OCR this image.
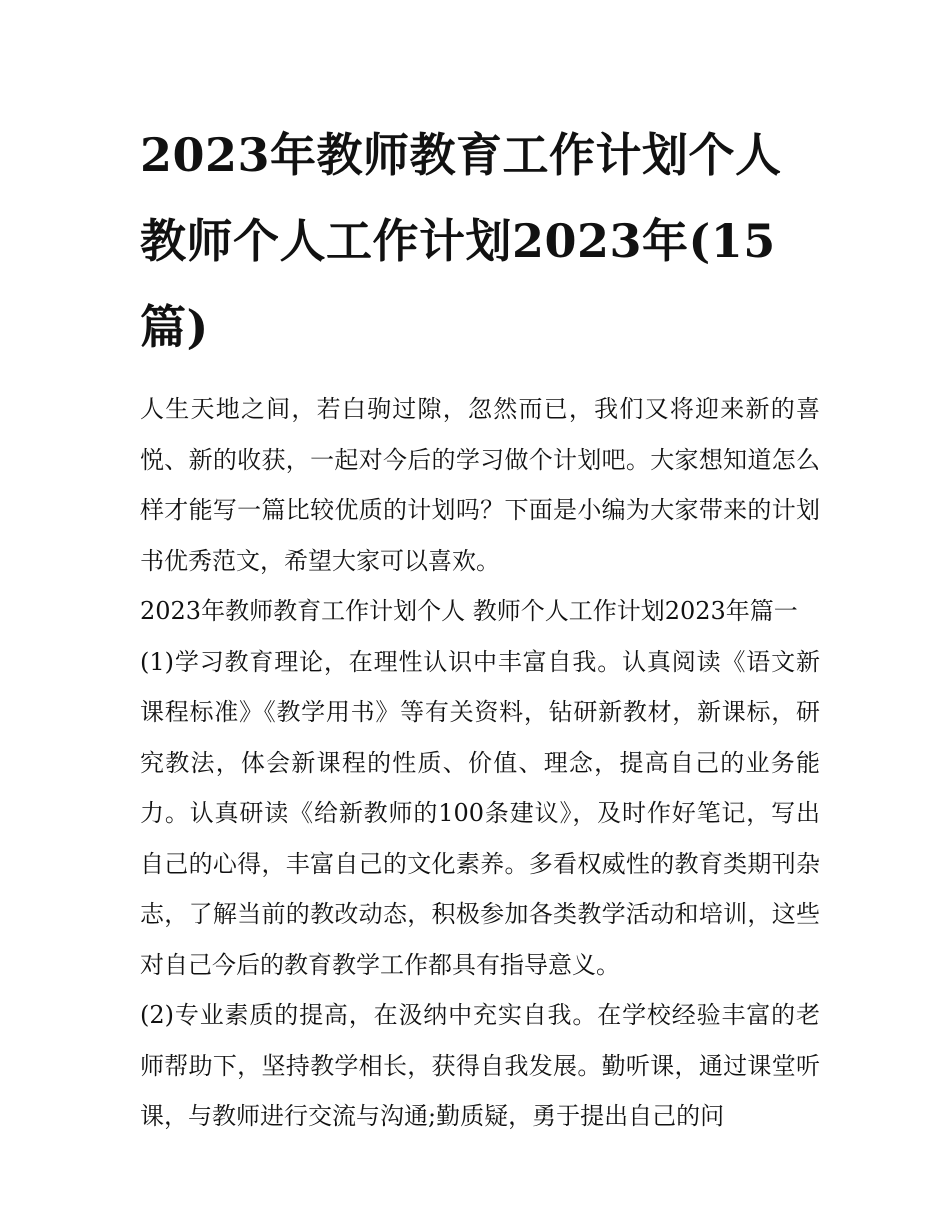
2023年教师教育工作计划个人
教师个人工作计划2023年(15
篇)

人生天地之间，若白驹过隙，忽然而已，我们又将迎来新的喜悦、新的收获，一起对今后的学习做个计划吧。大家想知道怎么样才能写一篇比较优质的计划吗？下面是小编为大家带来的计划书优秀范文，希望大家可以喜欢。

2023年教师教育工作计划个人 教师个人工作计划2023年篇一

(1)学习教育理论，在理性认识中丰富自我。认真阅读《语文新课程标准》《教学用书》等有关资料，钻研新教材，新课标，研究教法，体会新课程的性质、价值、理念，提高自己的业务能力。认真研读《给新教师的100条建议》，及时作好笔记，写出自己的心得，丰富自己的文化素养。多看权威性的教育类期刊杂志，了解当前的教改动态，积极参加各类教学活动和培训，这些对自己今后的教育教学工作都具有指导意义。

(2)专业素质的提高，在汲纳中充实自我。在学校经验丰富的老师帮助下，坚持教学相长，获得自我发展。勤听课，通过课堂听课，与教师进行交流与沟通;勤质疑，勇于提出自己的问
